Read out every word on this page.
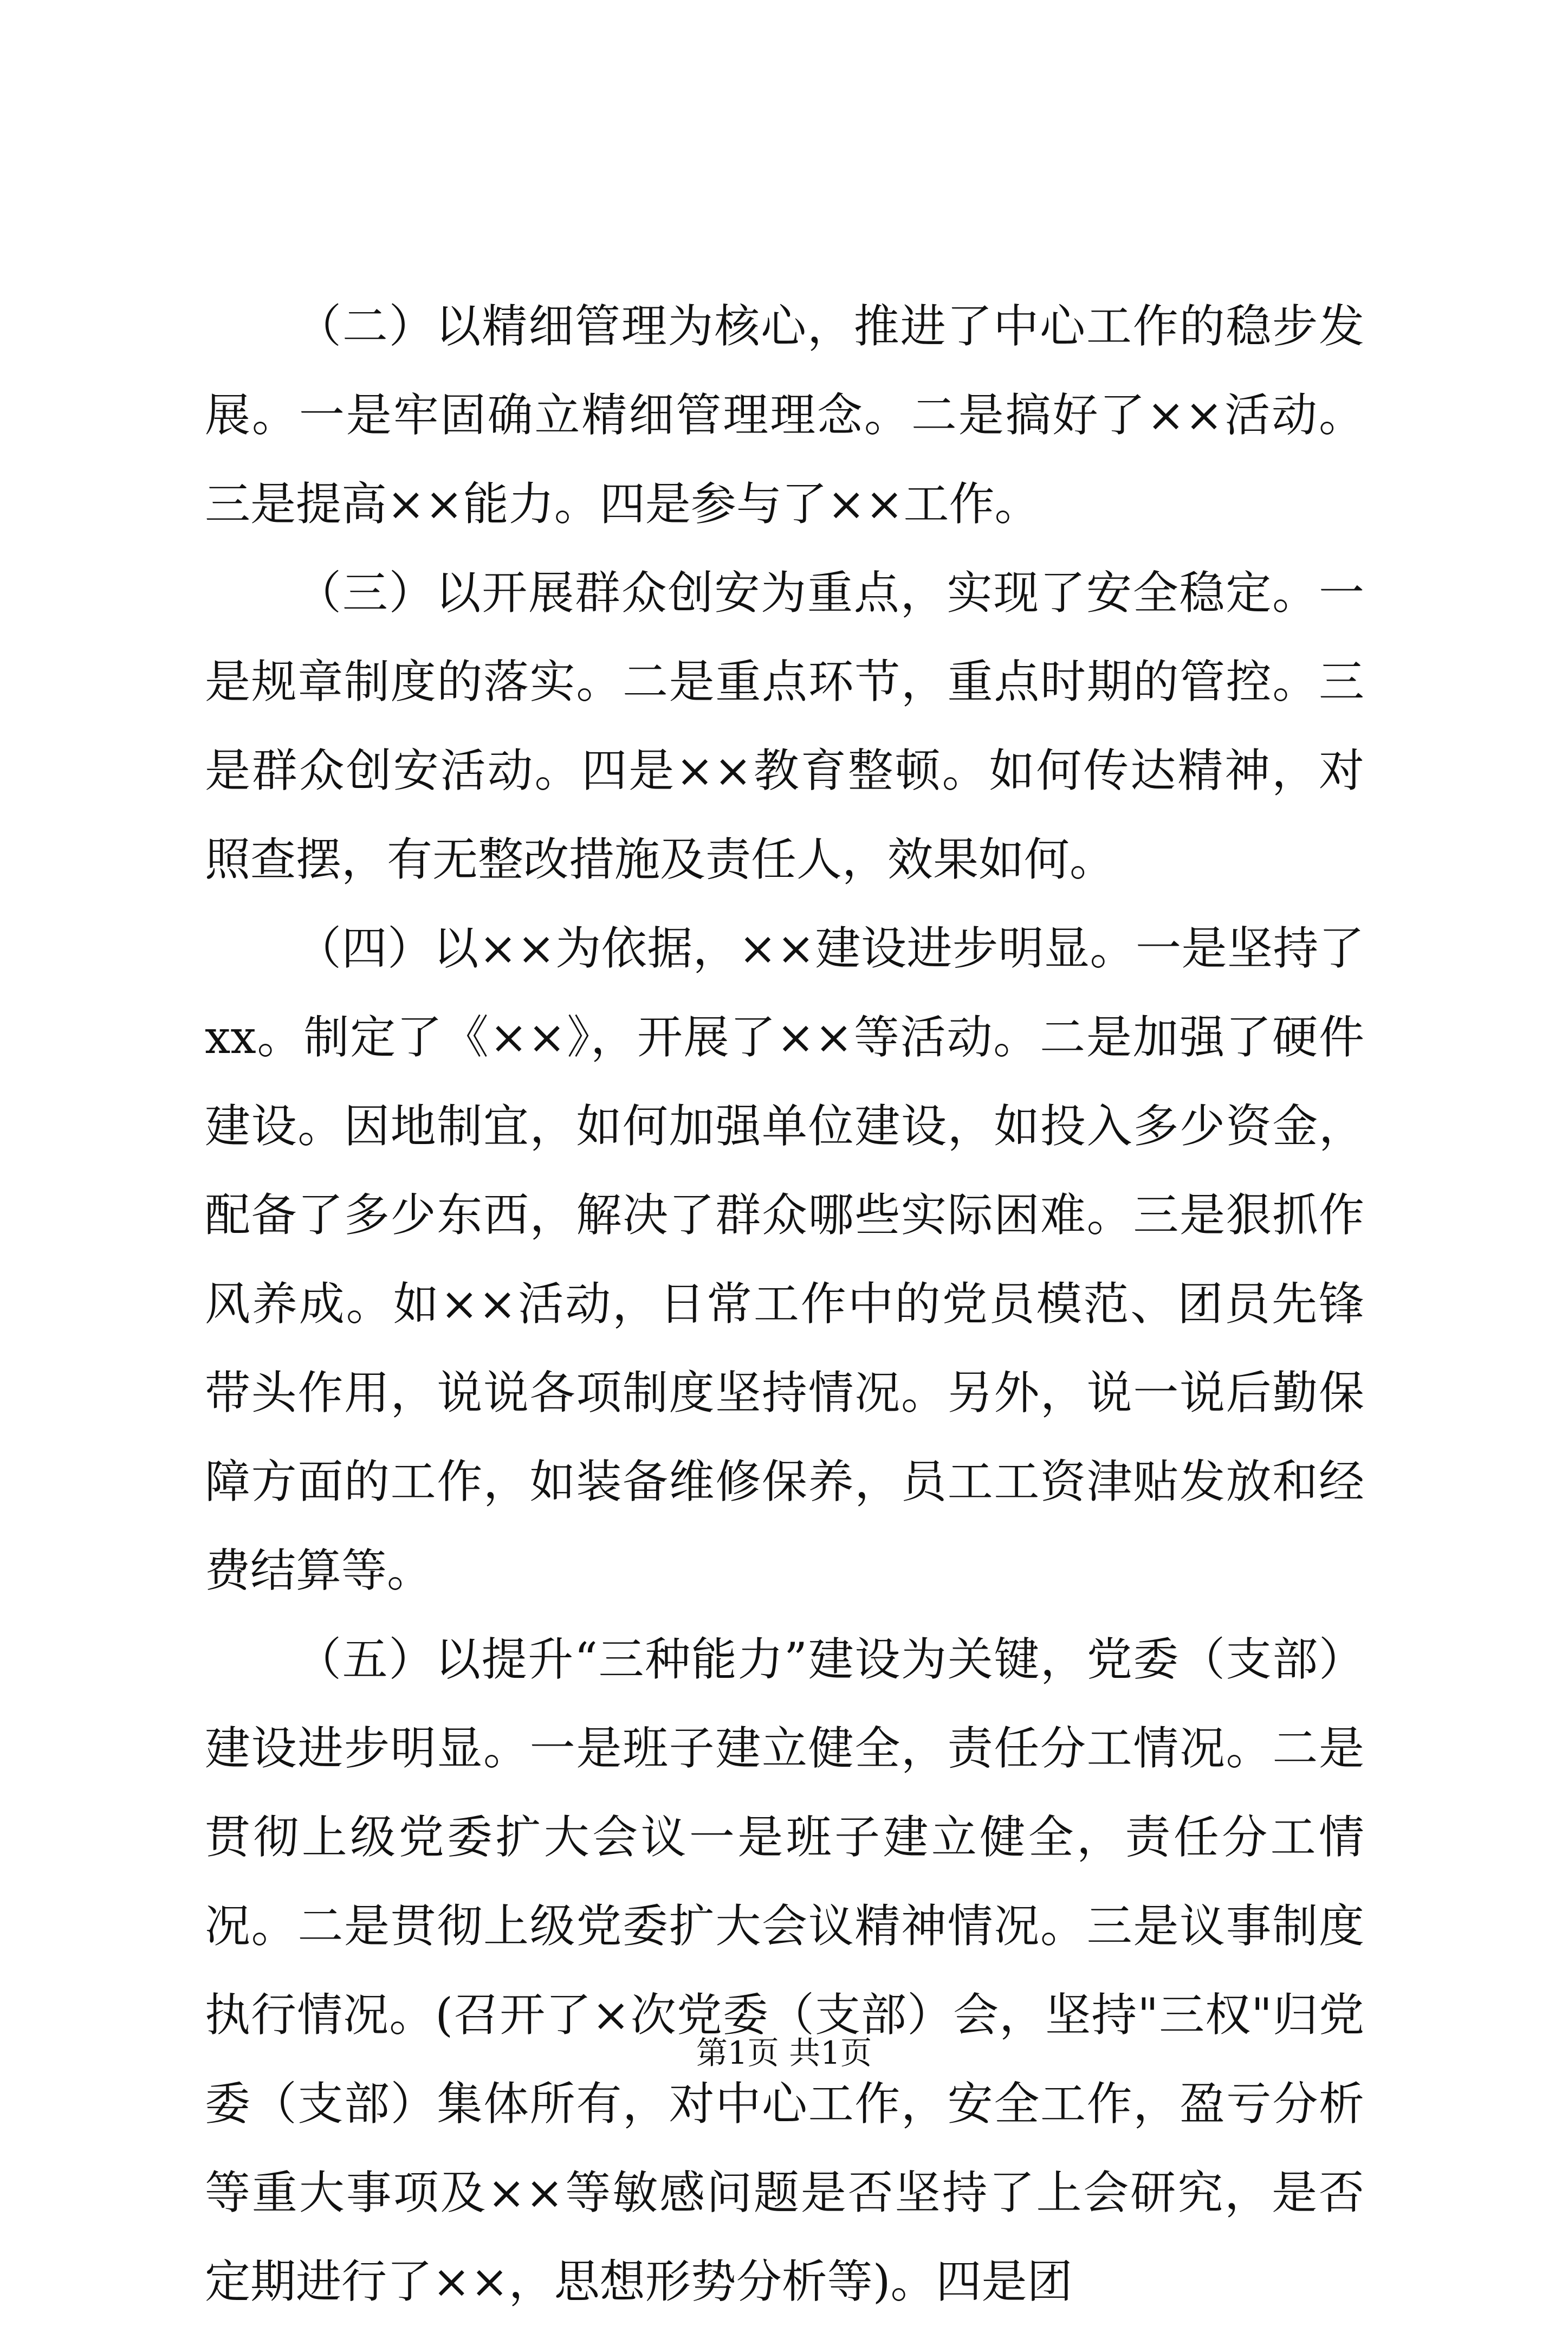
（二）以精细管理为核心，推进了中心工作的稳步发展。一是牢固确立精细管理理念。二是搞好了××活动。三是提高××能力。四是参与了××工作。

（三）以开展群众创安为重点，实现了安全稳定。一是规章制度的落实。二是重点环节，重点时期的管控。三是群众创安活动。四是××教育整顿。如何传达精神，对照查摆，有无整改措施及责任人，效果如何。

（四）以××为依据，××建设进步明显。一是坚持了xx。制定了《××》，开展了××等活动。二是加强了硬件建设。因地制宜，如何加强单位建设，如投入多少资金，配备了多少东西，解决了群众哪些实际困难。三是狠抓作风养成。如××活动，日常工作中的党员模范、团员先锋带头作用，说说各项制度坚持情况。另外，说一说后勤保障方面的工作，如装备维修保养，员工工资津贴发放和经费结算等。

（五）以提升“三种能力”建设为关键，党委（支部）建设进步明显。一是班子建立健全，责任分工情况。二是贯彻上级党委扩大会议一是班子建立健全，责任分工情况。二是贯彻上级党委扩大会议精神情况。三是议事制度执行情况。(召开了×次党委（支部）会，坚持"三权"归党委（支部）集体所有，对中心工作，安全工作，盈亏分析等重大事项及××等敏感问题是否坚持了上会研究，是否定期进行了××，思想形势分析等)。四是团

第1页 共1页
